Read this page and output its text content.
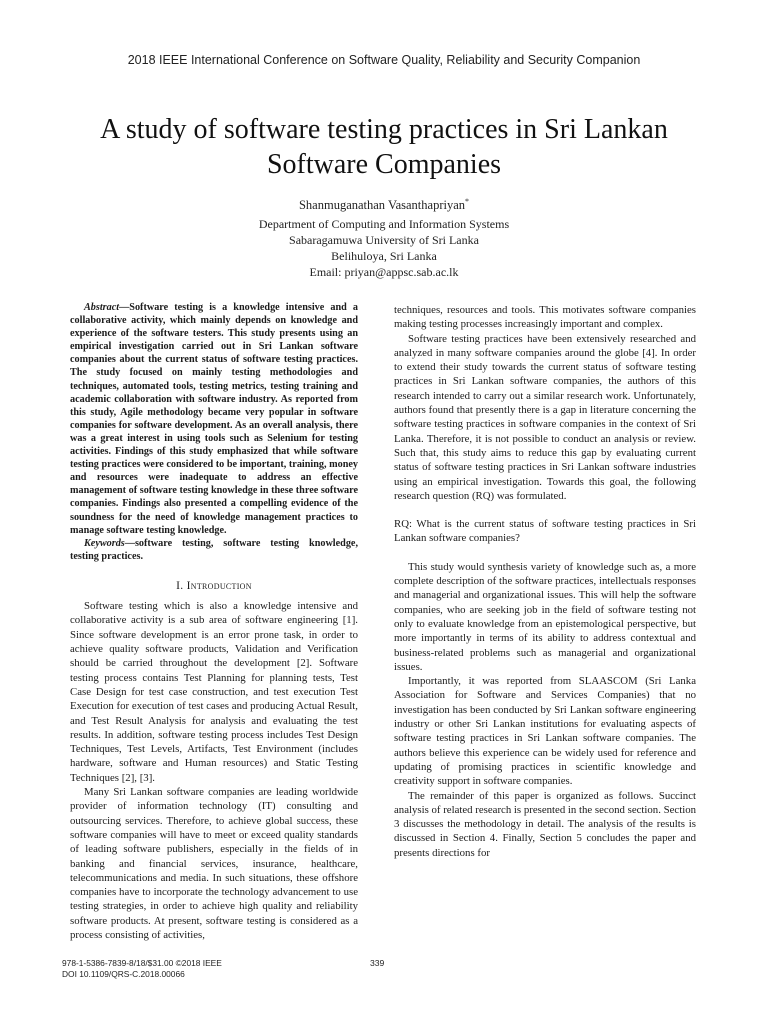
2018 IEEE International Conference on Software Quality, Reliability and Security Companion
A study of software testing practices in Sri Lankan
Software Companies
Shanmuganathan Vasanthapriyan*
Department of Computing and Information Systems
Sabaragamuwa University of Sri Lanka
Belihuloya, Sri Lanka
Email: priyan@appsc.sab.ac.lk

Abstract—Software testing is a knowledge intensive and a collaborative activity, which mainly depends on knowledge and experience of the software testers. This study presents using an empirical investigation carried out in Sri Lankan software companies about the current status of software testing practices. The study focused on mainly testing methodologies and techniques, automated tools, testing metrics, testing training and academic collaboration with software industry. As reported from this study, Agile methodology became very popular in software companies for software development. As an overall analysis, there was a great interest in using tools such as Selenium for testing activities. Findings of this study emphasized that while software testing practices were considered to be important, training, money and resources were inadequate to address an effective management of software testing knowledge in these three software companies. Findings also presented a compelling evidence of the soundness for the need of knowledge management practices to manage software testing knowledge.

Keywords—software testing, software testing knowledge, testing practices.

I. Introduction

Software testing which is also a knowledge intensive and collaborative activity is a sub area of software engineering [1]. Since software development is an error prone task, in order to achieve quality software products, Validation and Verification should be carried throughout the development [2]. Software testing process contains Test Planning for planning tests, Test Case Design for test case construction, and test execution Test Execution for execution of test cases and producing Actual Result, and Test Result Analysis for analysis and evaluating the test results. In addition, software testing process includes Test Design Techniques, Test Levels, Artifacts, Test Environment (includes hardware, software and Human resources) and Static Testing Techniques [2], [3].

Many Sri Lankan software companies are leading worldwide provider of information technology (IT) consulting and outsourcing services. Therefore, to achieve global success, these software companies will have to meet or exceed quality standards of leading software publishers, especially in the fields of in banking and financial services, insurance, healthcare, telecommunications and media. In such situations, these offshore companies have to incorporate the technology advancement to use testing strategies, in order to achieve high quality and reliability software products. At present, software testing is considered as a process consisting of activities,

techniques, resources and tools. This motivates software companies making testing processes increasingly important and complex.

Software testing practices have been extensively researched and analyzed in many software companies around the globe [4]. In order to extend their study towards the current status of software testing practices in Sri Lankan software companies, the authors of this research intended to carry out a similar research work. Unfortunately, authors found that presently there is a gap in literature concerning the software testing practices in software companies in the context of Sri Lanka. Therefore, it is not possible to conduct an analysis or review. Such that, this study aims to reduce this gap by evaluating current status of software testing practices in Sri Lankan software industries using an empirical investigation. Towards this goal, the following research question (RQ) was formulated.

RQ: What is the current status of software testing practices in Sri Lankan software companies?

This study would synthesis variety of knowledge such as, a more complete description of the software practices, intellectuals responses and managerial and organizational issues. This will help the software companies, who are seeking job in the field of software testing not only to evaluate knowledge from an epistemological perspective, but more importantly in terms of its ability to address contextual and business-related problems such as managerial and organizational issues.

Importantly, it was reported from SLAASCOM (Sri Lanka Association for Software and Services Companies) that no investigation has been conducted by Sri Lankan software engineering industry or other Sri Lankan institutions for evaluating aspects of software testing practices in Sri Lankan software companies. The authors believe this experience can be widely used for reference and updating of promising practices in scientific knowledge and creativity support in software companies.

The remainder of this paper is organized as follows. Succinct analysis of related research is presented in the second section. Section 3 discusses the methodology in detail. The analysis of the results is discussed in Section 4. Finally, Section 5 concludes the paper and presents directions for

978-1-5386-7839-8/18/$31.00 ©2018 IEEE
DOI 10.1109/QRS-C.2018.00066
339
